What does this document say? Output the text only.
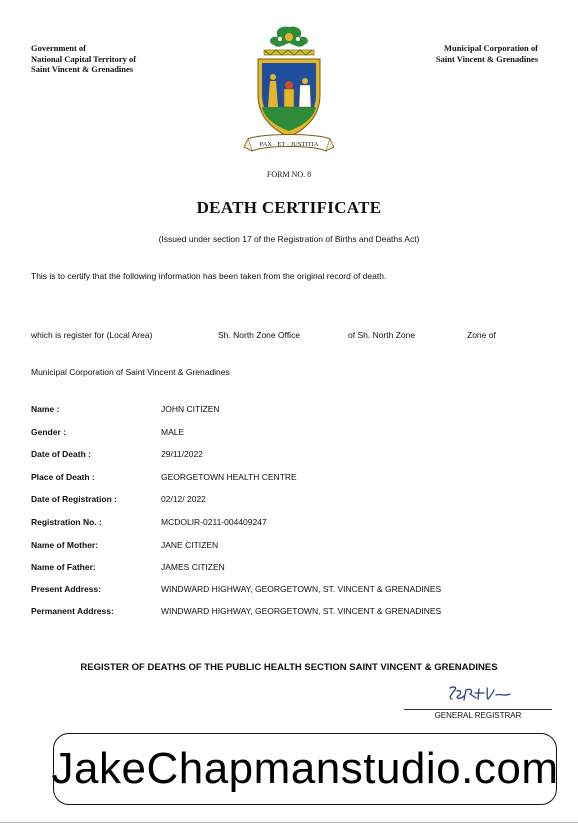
Government of
National Capital Territory of
Saint Vincent & Grenadines
Municipal Corporation of
Saint Vincent & Grenadines
PAX · ET · JUSTITIA
FORM NO. 8
DEATH CERTIFICATE
(Issued under section 17 of the Registration of Births and Deaths Act)
This is to certify that the following information has been taken from the original record of death.
which is register for (Local Area)	Sh. North Zone Office	of Sh. North Zone	Zone of
Municipal Corporation of Saint Vincent & Grenadines
Name :	JOHN CITIZEN
Gender :	MALE
Date of Death :	29/11/2022
Place of Death :	GEORGETOWN HEALTH CENTRE
Date of Registration :	02/12/ 2022
Registration No. :	MCDOLIR-0211-004409247
Name of Mother:	JANE CITIZEN
Name of Father:	JAMES CITIZEN
Present Address:	WINDWARD HIGHWAY, GEORGETOWN, ST. VINCENT & GRENADINES
Permanent Address:	WINDWARD HIGHWAY, GEORGETOWN, ST. VINCENT & GRENADINES
REGISTER OF DEATHS OF THE PUBLIC HEALTH SECTION SAINT VINCENT & GRENADINES
GENERAL REGISTRAR
JakeChapmanstudio.com
